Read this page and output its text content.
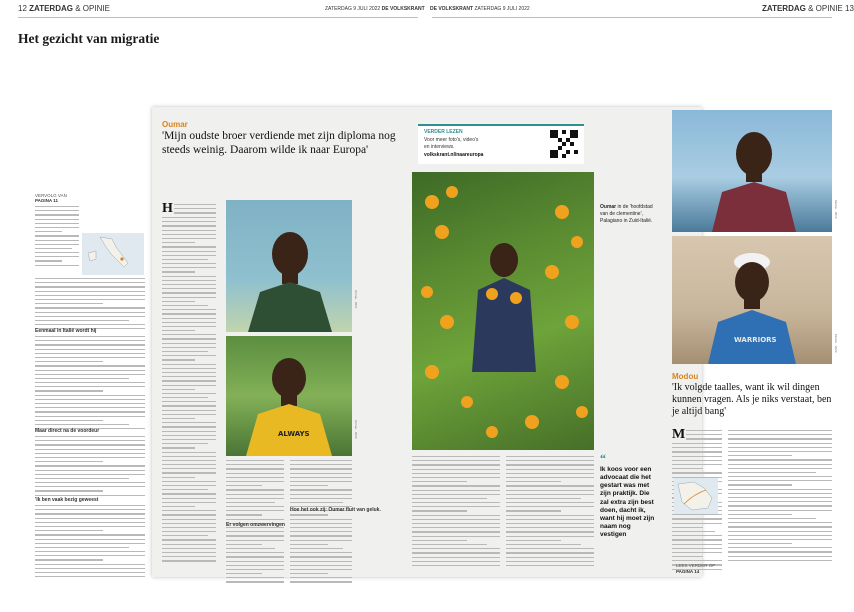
12 ZATERDAG & OPINIE	ZATERDAG 9 JULI 2022 DE VOLKSKRANT DE VOLKSKRANT ZATERDAG 9 JULI 2022	ZATERDAG & OPINIE 13
Het gezicht van migratie
VERVOLG VAN
PAGINA 11
Eenmaal in Italië wordt hij
Maar direct na de voordeur
'Ik ben vaak bezig geweest
Oumar
'Mijn oudste broer verdiende met zijn diploma nog steeds weinig. Daarom wilde ik naar Europa'
VERDER LEZEN
Voor meer foto's, video's
en interviews.
volkskrant.nl/naareuropa
H
Oumar · 2021
ALWAYS	Oumar · 2022
Er volgen omzwervingen
Hoe het ook zij: Oumar fluit van geluk.
Oumar in de 'hoofdstad van de clementine', Palagiano in Zuid-Italië.
“
Ik koos voor een advocaat die het gestart was met zijn praktijk. Die zal extra zijn best doen, dacht ik, want hij moet zijn naam nog vestigen
Modou · 2016
WARRIORS	Modou · 2022
Modou
'Ik volgde taalles, want ik wil dingen kunnen vragen. Als je niks verstaat, ben je altijd bang'
M
LEES VERDER OP
PAGINA 14
